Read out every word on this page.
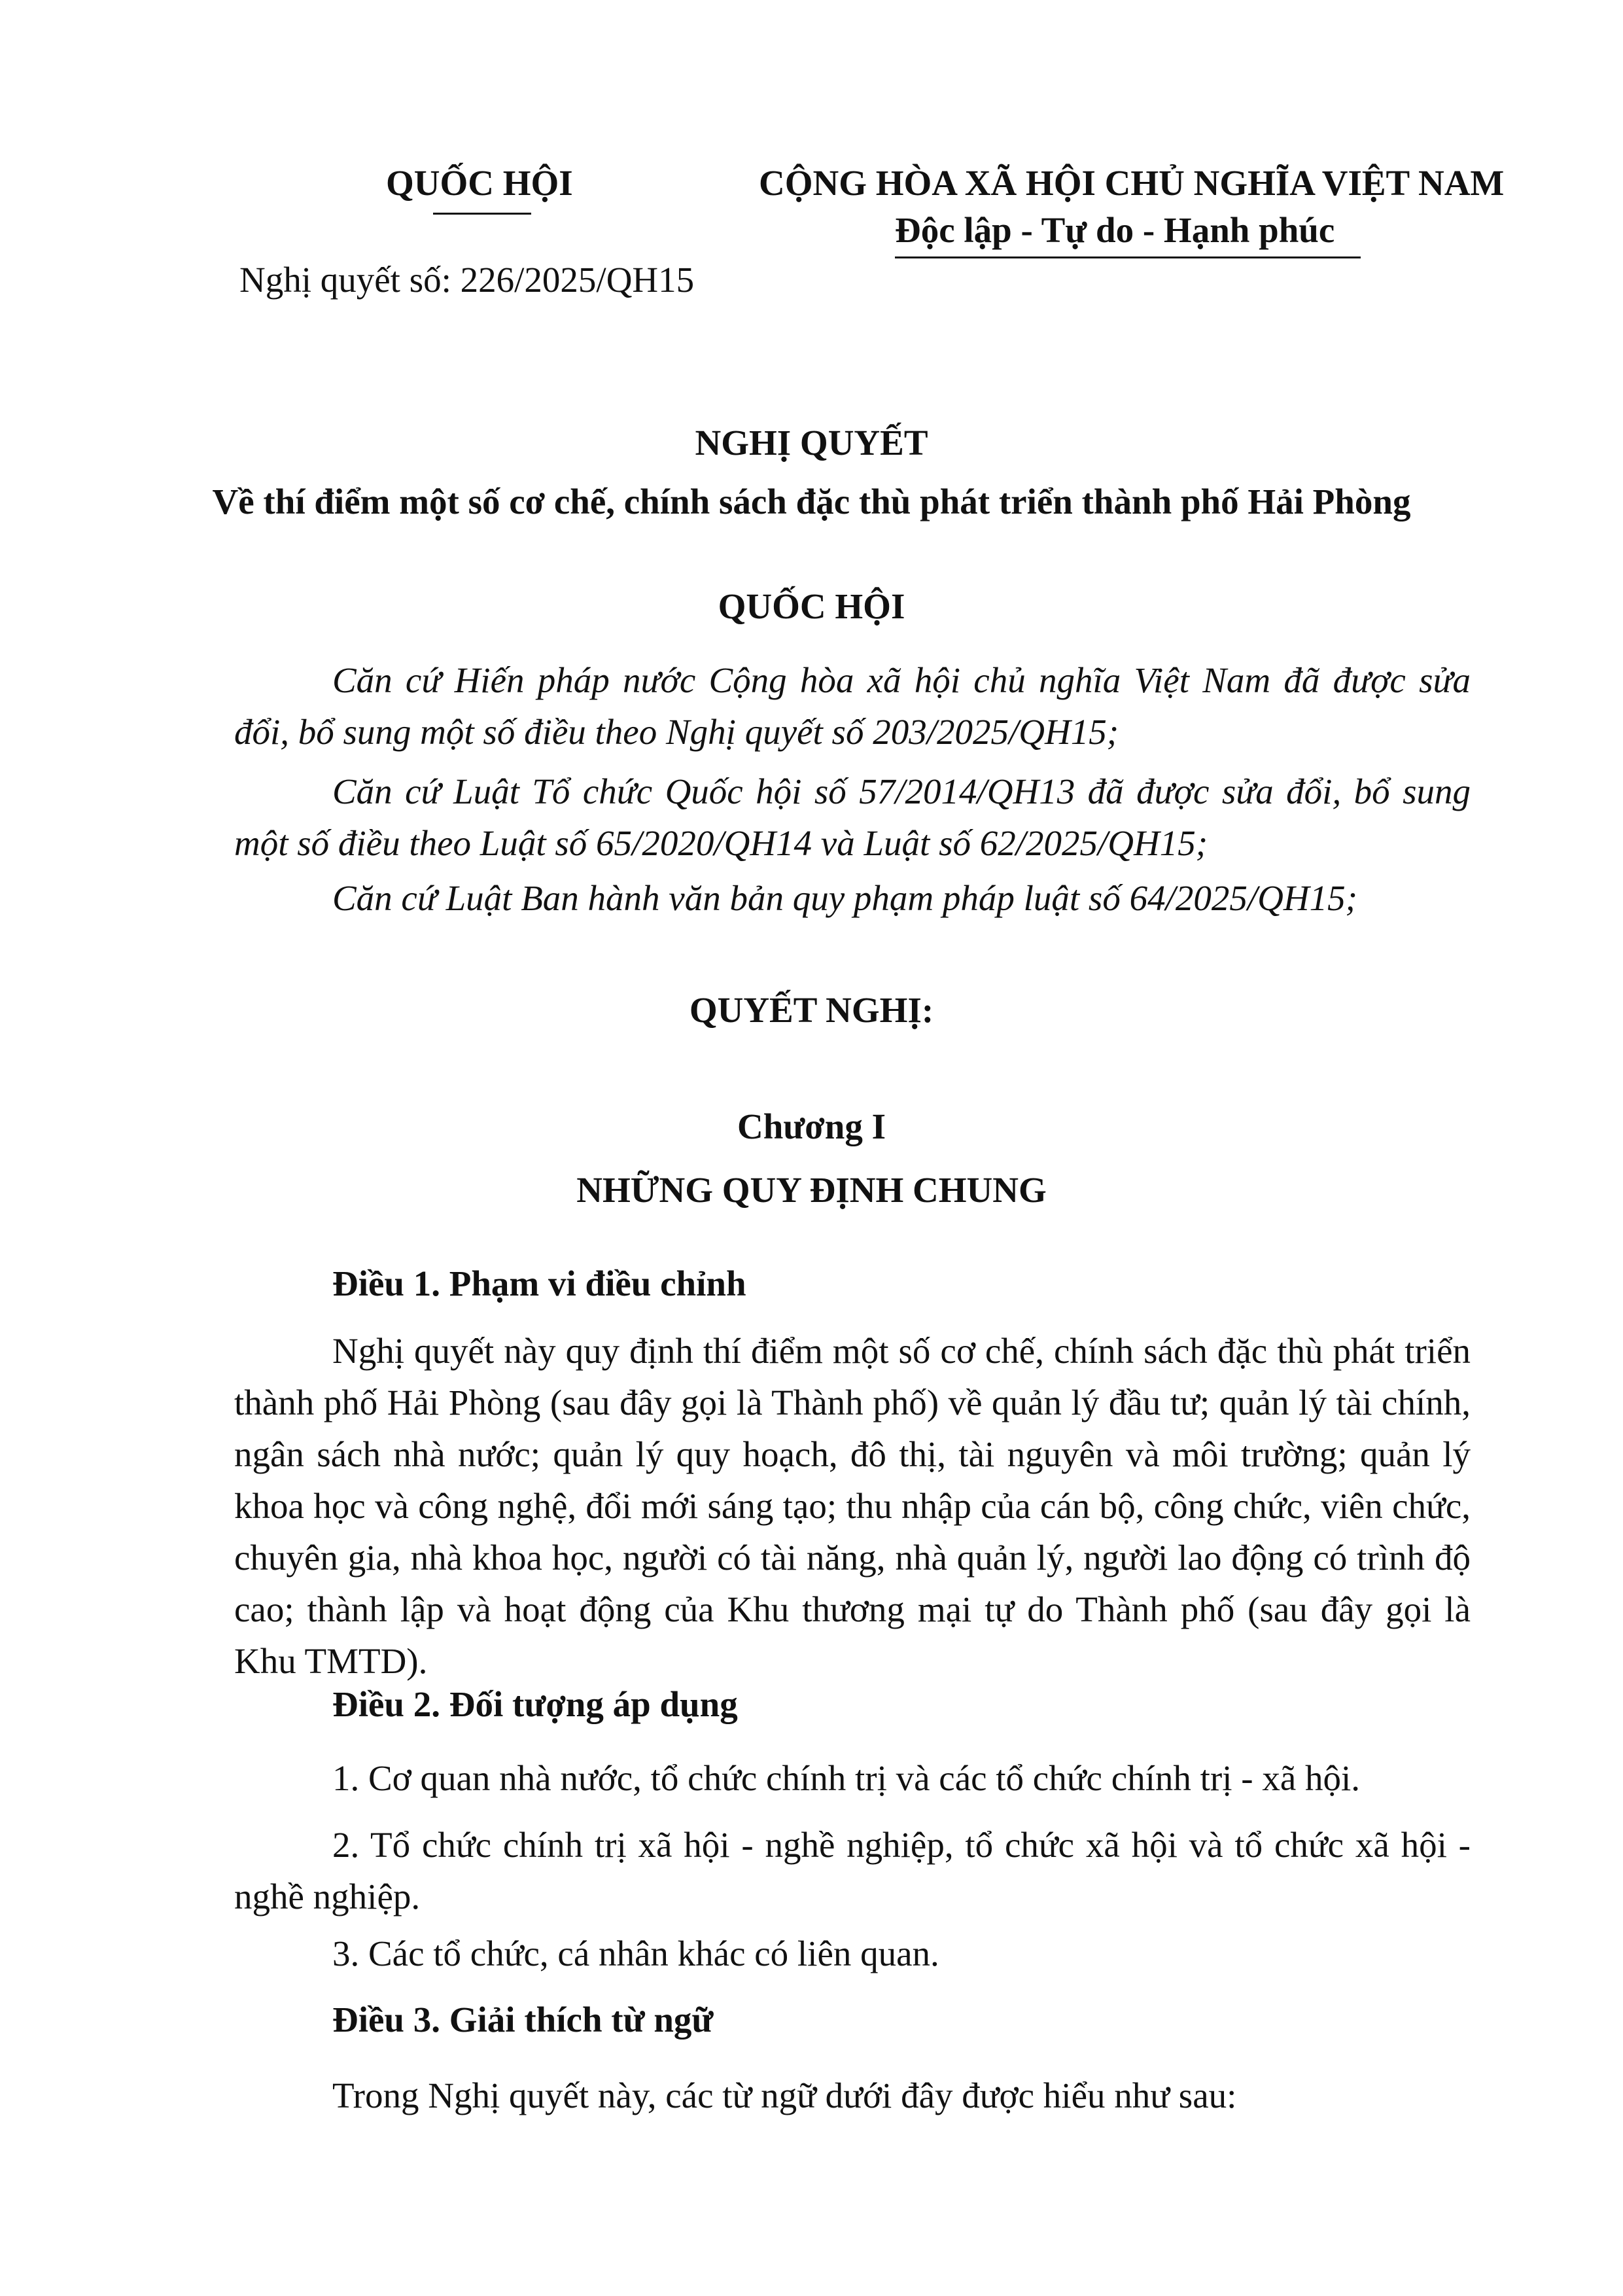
QUỐC HỘI
Nghị quyết số: 226/2025/QH15
CỘNG HÒA XÃ HỘI CHỦ NGHĨA VIỆT NAM
Độc lập - Tự do - Hạnh phúc
NGHỊ QUYẾT
Về thí điểm một số cơ chế, chính sách đặc thù phát triển thành phố Hải Phòng
QUỐC HỘI
Căn cứ Hiến pháp nước Cộng hòa xã hội chủ nghĩa Việt Nam đã được sửa đổi, bổ sung một số điều theo Nghị quyết số 203/2025/QH15;
Căn cứ Luật Tổ chức Quốc hội số 57/2014/QH13 đã được sửa đổi, bổ sung một số điều theo Luật số 65/2020/QH14 và Luật số 62/2025/QH15;
Căn cứ Luật Ban hành văn bản quy phạm pháp luật số 64/2025/QH15;
QUYẾT NGHỊ:
Chương I
NHỮNG QUY ĐỊNH CHUNG
Điều 1. Phạm vi điều chỉnh
Nghị quyết này quy định thí điểm một số cơ chế, chính sách đặc thù phát triển thành phố Hải Phòng (sau đây gọi là Thành phố) về quản lý đầu tư; quản lý tài chính, ngân sách nhà nước; quản lý quy hoạch, đô thị, tài nguyên và môi trường; quản lý khoa học và công nghệ, đổi mới sáng tạo; thu nhập của cán bộ, công chức, viên chức, chuyên gia, nhà khoa học, người có tài năng, nhà quản lý, người lao động có trình độ cao; thành lập và hoạt động của Khu thương mại tự do Thành phố (sau đây gọi là Khu TMTD).
Điều 2. Đối tượng áp dụng
1. Cơ quan nhà nước, tổ chức chính trị và các tổ chức chính trị - xã hội.
2. Tổ chức chính trị xã hội - nghề nghiệp, tổ chức xã hội và tổ chức xã hội - nghề nghiệp.
3. Các tổ chức, cá nhân khác có liên quan.
Điều 3. Giải thích từ ngữ
Trong Nghị quyết này, các từ ngữ dưới đây được hiểu như sau:
